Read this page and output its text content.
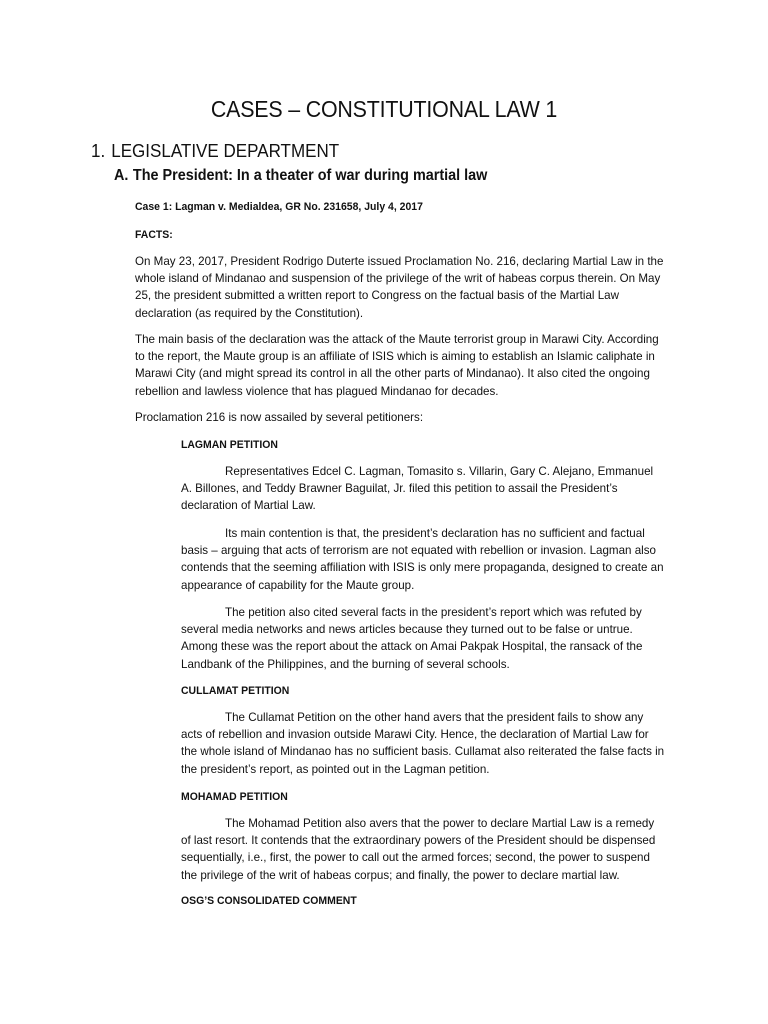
CASES – CONSTITUTIONAL LAW 1
1. LEGISLATIVE DEPARTMENT
A. The President: In a theater of war during martial law
Case 1: Lagman v. Medialdea, GR No. 231658, July 4, 2017
FACTS:
On May 23, 2017, President Rodrigo Duterte issued Proclamation No. 216, declaring Martial Law in the whole island of Mindanao and suspension of the privilege of the writ of habeas corpus therein. On May 25, the president submitted a written report to Congress on the factual basis of the Martial Law declaration (as required by the Constitution).
The main basis of the declaration was the attack of the Maute terrorist group in Marawi City. According to the report, the Maute group is an affiliate of ISIS which is aiming to establish an Islamic caliphate in Marawi City (and might spread its control in all the other parts of Mindanao). It also cited the ongoing rebellion and lawless violence that has plagued Mindanao for decades.
Proclamation 216 is now assailed by several petitioners:
LAGMAN PETITION
Representatives Edcel C. Lagman, Tomasito s. Villarin, Gary C. Alejano, Emmanuel A. Billones, and Teddy Brawner Baguilat, Jr. filed this petition to assail the President’s declaration of Martial Law.
Its main contention is that, the president’s declaration has no sufficient and factual basis – arguing that acts of terrorism are not equated with rebellion or invasion. Lagman also contends that the seeming affiliation with ISIS is only mere propaganda, designed to create an appearance of capability for the Maute group.
The petition also cited several facts in the president’s report which was refuted by several media networks and news articles because they turned out to be false or untrue. Among these was the report about the attack on Amai Pakpak Hospital, the ransack of the Landbank of the Philippines, and the burning of several schools.
CULLAMAT PETITION
The Cullamat Petition on the other hand avers that the president fails to show any acts of rebellion and invasion outside Marawi City. Hence, the declaration of Martial Law for the whole island of Mindanao has no sufficient basis. Cullamat also reiterated the false facts in the president’s report, as pointed out in the Lagman petition.
MOHAMAD PETITION
The Mohamad Petition also avers that the power to declare Martial Law is a remedy of last resort. It contends that the extraordinary powers of the President should be dispensed sequentially, i.e., first, the power to call out the armed forces; second, the power to suspend the privilege of the writ of habeas corpus; and finally, the power to declare martial law.
OSG’S CONSOLIDATED COMMENT
